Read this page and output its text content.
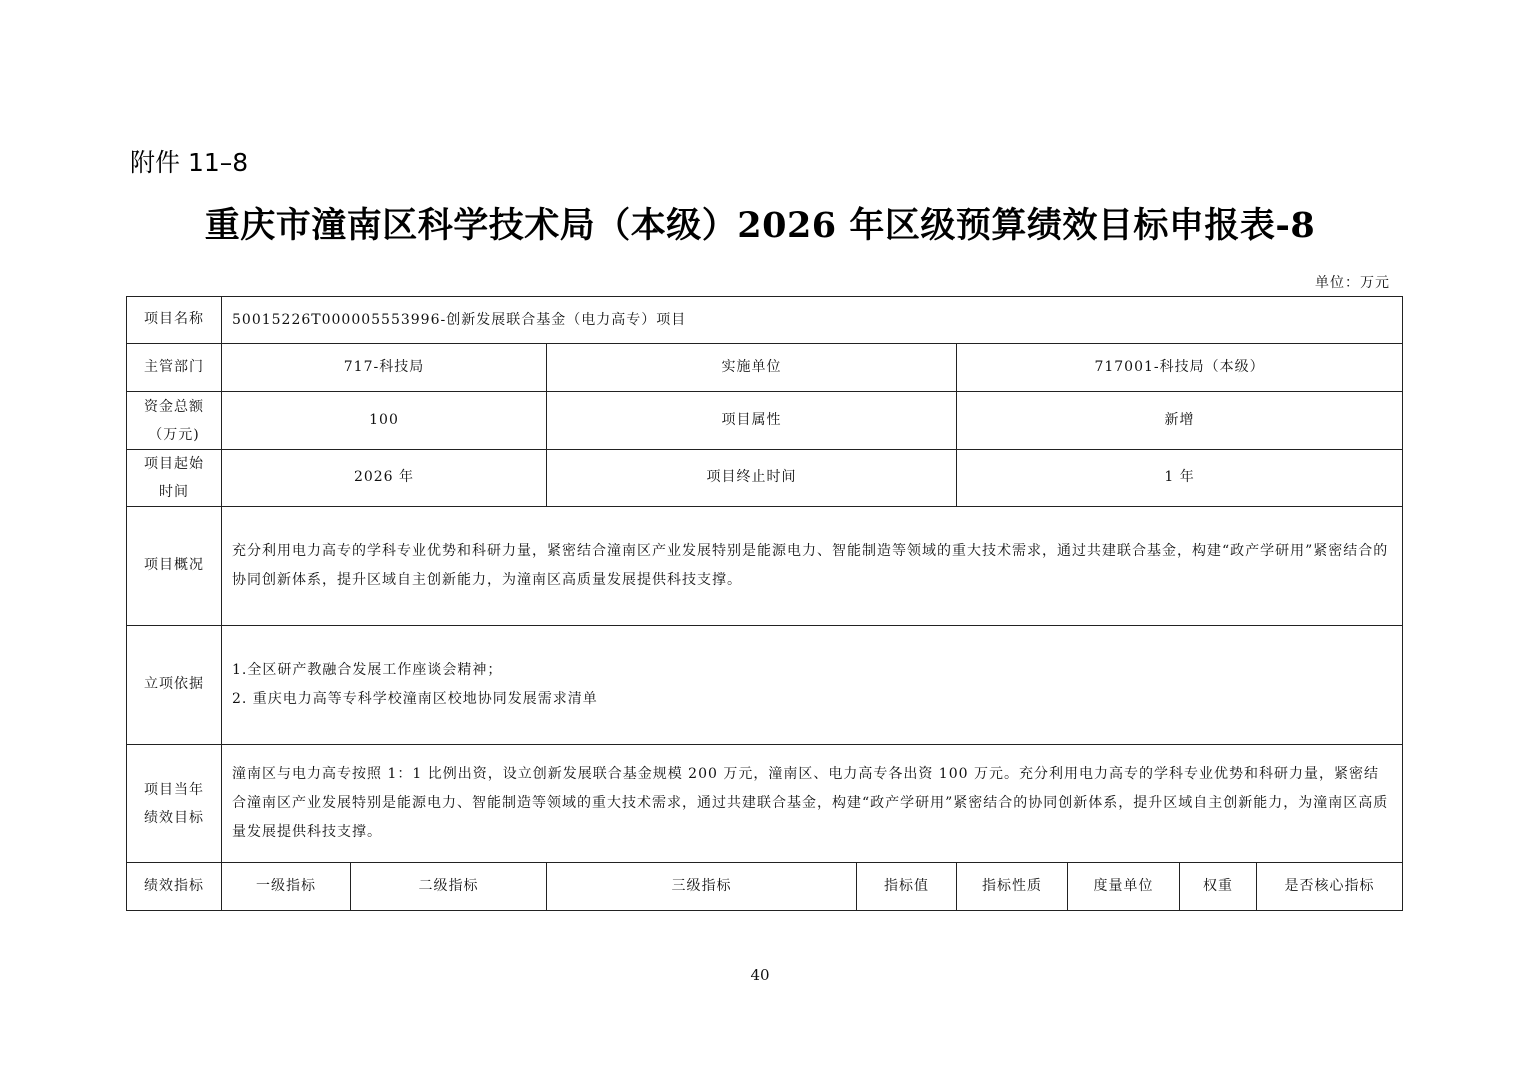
附件 11–8
重庆市潼南区科学技术局（本级）2026 年区级预算绩效目标申报表-8
单位：万元
项目名称	50015226T000005553996-创新发展联合基金（电力高专）项目							
主管部门	717-科技局		实施单位		717001-科技局（本级）			

资金总额
（万元)	100		项目属性		新增			

项目起始
时间	2026 年		项目终止时间		1 年			
项目概况	充分利用电力高专的学科专业优势和科研力量，紧密结合潼南区产业发展特别是能源电力、智能制造等领域的重大技术需求，通过共建联合基金，构建“政产学研用”紧密结合的协同创新体系，提升区域自主创新能力，为潼南区高质量发展提供科技支撑。							
立项依据	1.全区研产教融合发展工作座谈会精神；
2. 重庆电力高等专科学校潼南区校地协同发展需求清单							

项目当年
绩效目标	潼南区与电力高专按照 1：1 比例出资，设立创新发展联合基金规模 200 万元，潼南区、电力高专各出资 100 万元。充分利用电力高专的学科专业优势和科研力量，紧密结合潼南区产业发展特别是能源电力、智能制造等领域的重大技术需求，通过共建联合基金，构建“政产学研用”紧密结合的协同创新体系，提升区域自主创新能力，为潼南区高质量发展提供科技支撑。							
绩效指标	一级指标	二级指标	三级指标	指标值	指标性质	度量单位	权重	是否核心指标
40
